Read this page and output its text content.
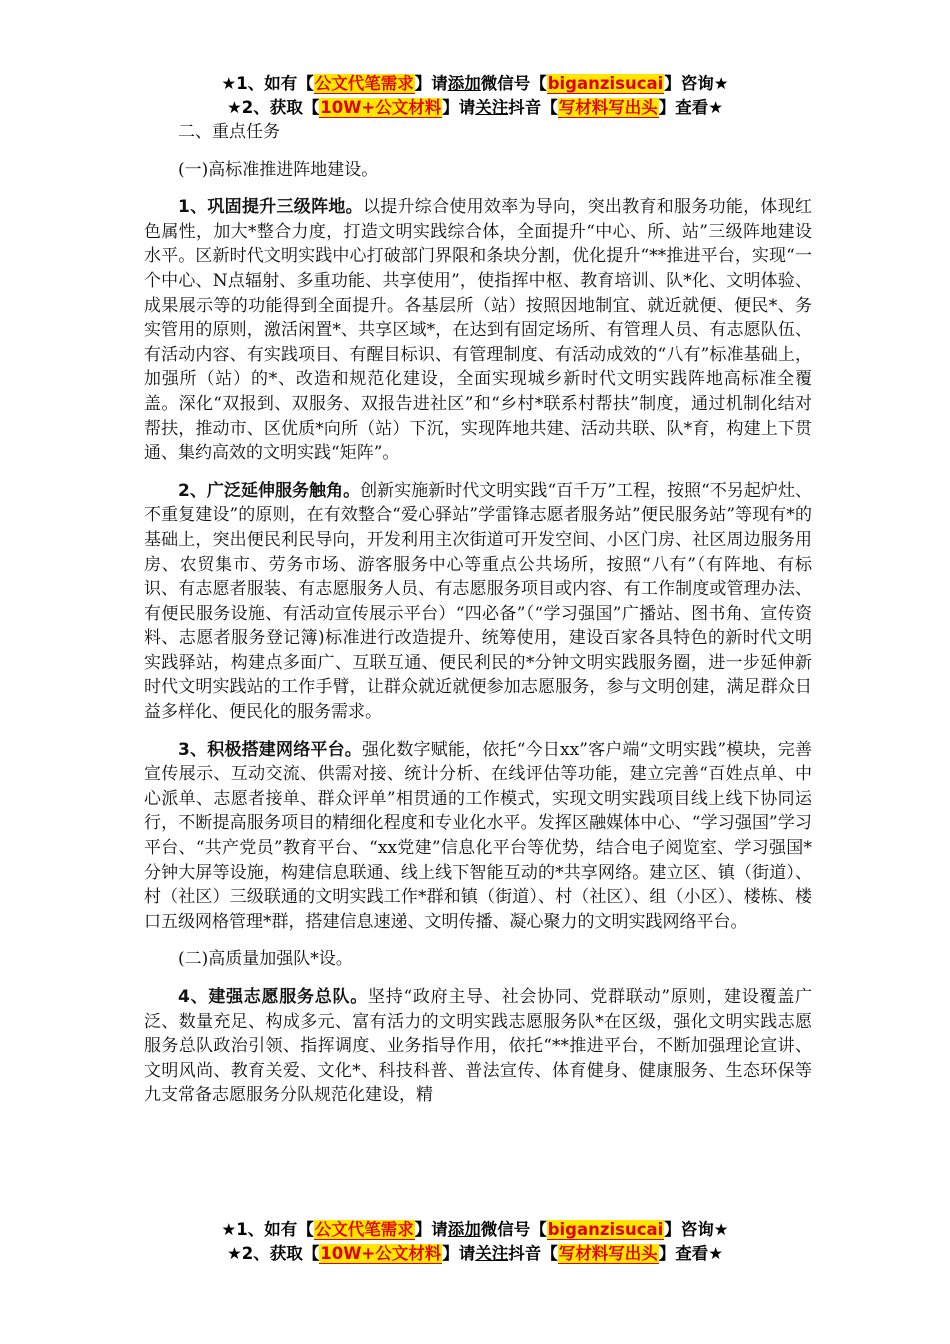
★1、如有【公文代笔需求】请添加微信号【biganzisucai】咨询★
★2、获取【10W+公文材料】请关注抖音【写材料写出头】查看★

二、重点任务

(一)高标准推进阵地建设。

1、巩固提升三级阵地。以提升综合使用效率为导向，突出教育和服务功能，体现红色属性，加大*整合力度，打造文明实践综合体，全面提升“中心、所、站”三级阵地建设水平。区新时代文明实践中心打破部门界限和条块分割，优化提升“**推进平台，实现“一个中心、N点辐射、多重功能、共享使用”，使指挥中枢、教育培训、队*化、文明体验、成果展示等的功能得到全面提升。各基层所（站）按照因地制宜、就近就便、便民*、务实管用的原则，激活闲置*、共享区域*，在达到有固定场所、有管理人员、有志愿队伍、有活动内容、有实践项目、有醒目标识、有管理制度、有活动成效的“八有”标准基础上，加强所（站）的*、改造和规范化建设，全面实现城乡新时代文明实践阵地高标准全覆盖。深化“双报到、双服务、双报告进社区”和“乡村*联系村帮扶”制度，通过机制化结对帮扶，推动市、区优质*向所（站）下沉，实现阵地共建、活动共联、队*育，构建上下贯通、集约高效的文明实践“矩阵”。

2、广泛延伸服务触角。创新实施新时代文明实践“百千万”工程，按照“不另起炉灶、不重复建设”的原则，在有效整合“爱心驿站”学雷锋志愿者服务站”便民服务站”等现有*的基础上，突出便民利民导向，开发利用主次街道可开发空间、小区门房、社区周边服务用房、农贸集市、劳务市场、游客服务中心等重点公共场所，按照“八有”（有阵地、有标识、有志愿者服装、有志愿服务人员、有志愿服务项目或内容、有工作制度或管理办法、有便民服务设施、有活动宣传展示平台）“四必备”（“学习强国”广播站、图书角、宣传资料、志愿者服务登记簿)标准进行改造提升、统筹使用，建设百家各具特色的新时代文明实践驿站，构建点多面广、互联互通、便民利民的*分钟文明实践服务圈，进一步延伸新时代文明实践站的工作手臂，让群众就近就便参加志愿服务，参与文明创建，满足群众日益多样化、便民化的服务需求。

3、积极搭建网络平台。强化数字赋能，依托“今日xx”客户端“文明实践”模块，完善宣传展示、互动交流、供需对接、统计分析、在线评估等功能，建立完善“百姓点单、中心派单、志愿者接单、群众评单”相贯通的工作模式，实现文明实践项目线上线下协同运行，不断提高服务项目的精细化程度和专业化水平。发挥区融媒体中心、“学习强国”学习平台、“共产党员”教育平台、“xx党建”信息化平台等优势，结合电子阅览室、学习强国*分钟大屏等设施，构建信息联通、线上线下智能互动的*共享网络。建立区、镇（街道）、村（社区）三级联通的文明实践工作*群和镇（街道）、村（社区）、组（小区）、楼栋、楼口五级网格管理*群，搭建信息速递、文明传播、凝心聚力的文明实践网络平台。

(二)高质量加强队*设。

4、建强志愿服务总队。坚持“政府主导、社会协同、党群联动”原则，建设覆盖广泛、数量充足、构成多元、富有活力的文明实践志愿服务队*在区级，强化文明实践志愿服务总队政治引领、指挥调度、业务指导作用，依托“**推进平台，不断加强理论宣讲、文明风尚、教育关爱、文化*、科技科普、普法宣传、体育健身、健康服务、生态环保等九支常备志愿服务分队规范化建设，精

★1、如有【公文代笔需求】请添加微信号【biganzisucai】咨询★
★2、获取【10W+公文材料】请关注抖音【写材料写出头】查看★
